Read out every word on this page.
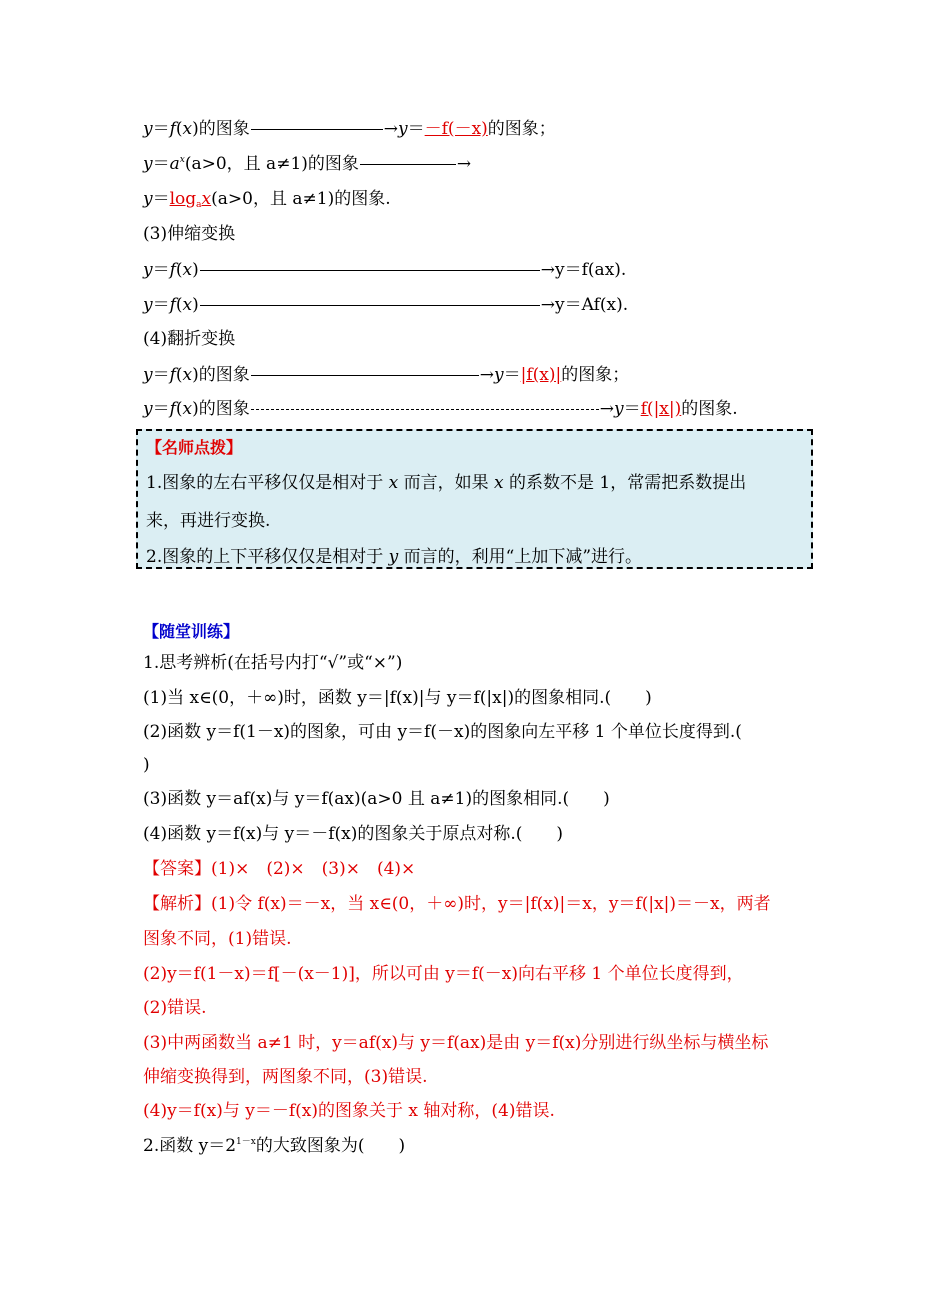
y＝f(x)的图象	→y＝－f(－x)的图象；
$y=a^x(a>0$，且 a≠1)的图象	→
$y=\log_ax(a>0$，且 a≠1)的图象.
(3)伸缩变换
y＝f(x)	→y＝f(ax).
y＝f(x)	→y＝Af(x).
(4)翻折变换
y＝f(x)的图象	→y＝|f(x)|的图象；
y＝f(x)的图象	→y＝f(|x|)的图象.
【名师点拨】
1.图象的左右平移仅仅是相对于 x 而言，如果 x 的系数不是 1，常需把系数提出
来，再进行变换.
2.图象的上下平移仅仅是相对于 y 而言的，利用“上加下减”进行。
【随堂训练】
1.思考辨析(在括号内打“√”或“×”)
(1)当 x∈(0，＋∞)时，函数 y＝|f(x)|与 y＝f(|x|)的图象相同.(　　)
(2)函数 y＝f(1－x)的图象，可由 y＝f(－x)的图象向左平移 1 个单位长度得到.(
)
(3)函数 y＝af(x)与 y＝f(ax)(a>0 且 a≠1)的图象相同.(　　)
(4)函数 y＝f(x)与 y＝－f(x)的图象关于原点对称.(　　)
【答案】(1)×　(2)×　(3)×　(4)×
【解析】(1)令 f(x)＝－x，当 x∈(0，＋∞)时，y＝|f(x)|＝x，y＝f(|x|)＝－x，两者
图象不同，(1)错误.
(2)y＝f(1－x)＝f[－(x－1)]，所以可由 y＝f(－x)向右平移 1 个单位长度得到，
(2)错误.
(3)中两函数当 a≠1 时，y＝af(x)与 y＝f(ax)是由 y＝f(x)分别进行纵坐标与横坐标
伸缩变换得到，两图象不同，(3)错误.
(4)y＝f(x)与 y＝－f(x)的图象关于 x 轴对称，(4)错误.
2.函数 $y=2^{1-x}$的大致图象为(　　)
